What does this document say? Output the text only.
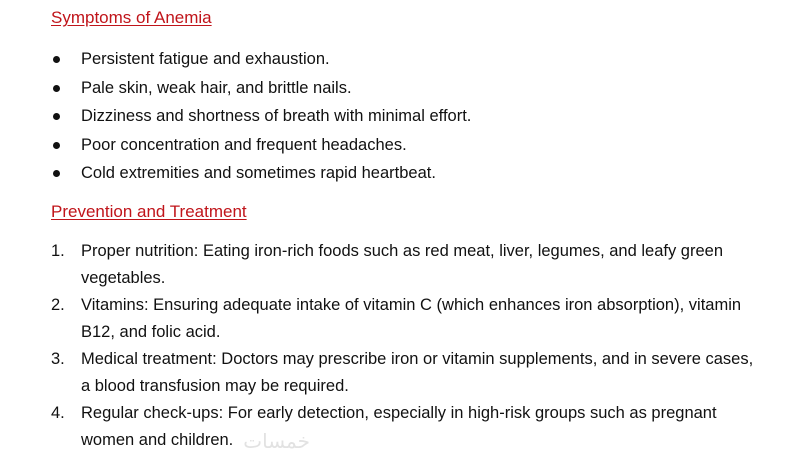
Symptoms of Anemia
Persistent fatigue and exhaustion.
Pale skin, weak hair, and brittle nails.
Dizziness and shortness of breath with minimal effort.
Poor concentration and frequent headaches.
Cold extremities and sometimes rapid heartbeat.
Prevention and Treatment
1. Proper nutrition: Eating iron-rich foods such as red meat, liver, legumes, and leafy green vegetables.
2. Vitamins: Ensuring adequate intake of vitamin C (which enhances iron absorption), vitamin B12, and folic acid.
3. Medical treatment: Doctors may prescribe iron or vitamin supplements, and in severe cases, a blood transfusion may be required.
4. Regular check-ups: For early detection, especially in high-risk groups such as pregnant women and children. خمسات
